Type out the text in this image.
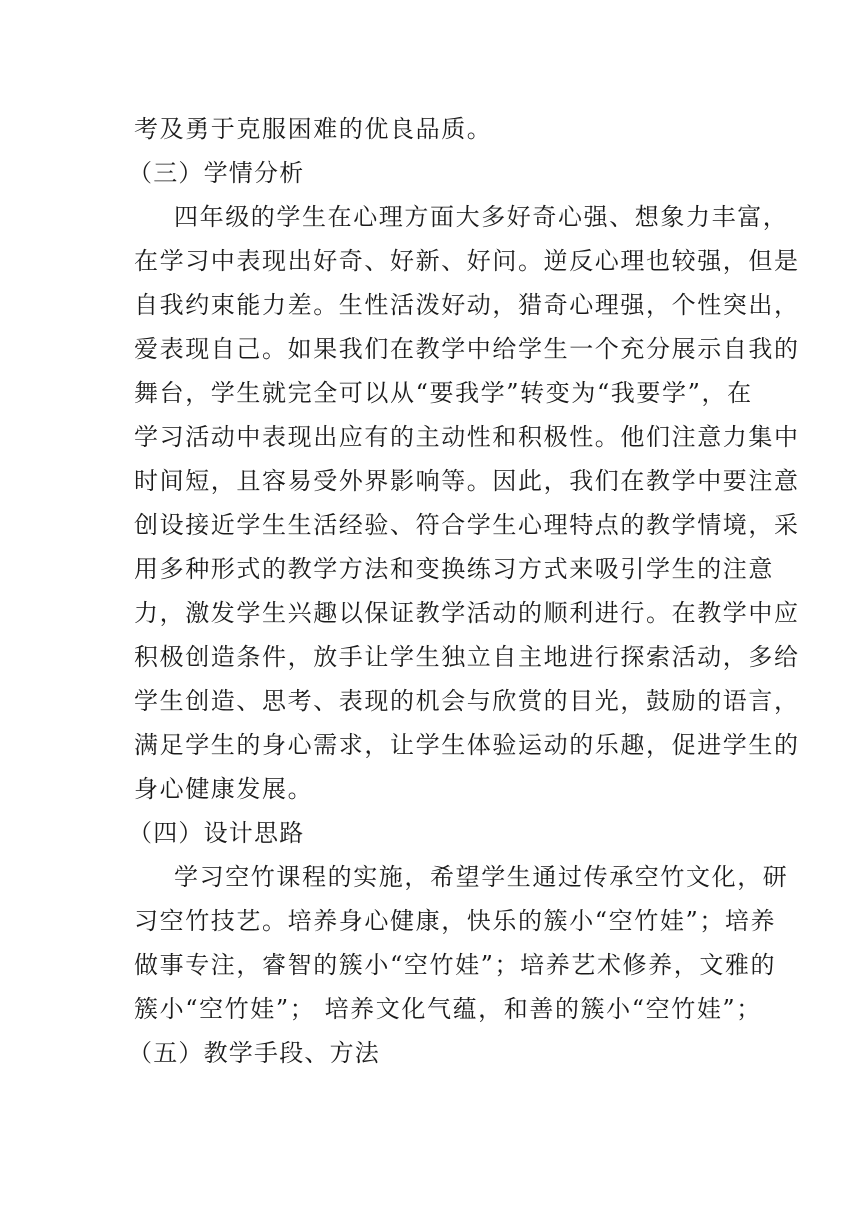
考及勇于克服困难的优良品质。
（三）学情分析
四年级的学生在心理方面大多好奇心强、想象力丰富，
在学习中表现出好奇、好新、好问。逆反心理也较强，但是
自我约束能力差。生性活泼好动，猎奇心理强，个性突出，
爱表现自己。如果我们在教学中给学生一个充分展示自我的
舞台，学生就完全可以从“要我学”转变为“我要学”，在
学习活动中表现出应有的主动性和积极性。他们注意力集中
时间短，且容易受外界影响等。因此，我们在教学中要注意
创设接近学生生活经验、符合学生心理特点的教学情境，采
用多种形式的教学方法和变换练习方式来吸引学生的注意
力，激发学生兴趣以保证教学活动的顺利进行。在教学中应
积极创造条件，放手让学生独立自主地进行探索活动，多给
学生创造、思考、表现的机会与欣赏的目光，鼓励的语言，
满足学生的身心需求，让学生体验运动的乐趣，促进学生的
身心健康发展。
（四）设计思路
学习空竹课程的实施，希望学生通过传承空竹文化，研
习空竹技艺。培养身心健康，快乐的簇小“空竹娃”；培养
做事专注，睿智的簇小“空竹娃”；培养艺术修养，文雅的
簇小“空竹娃”； 培养文化气蕴，和善的簇小“空竹娃”；
（五）教学手段、方法
